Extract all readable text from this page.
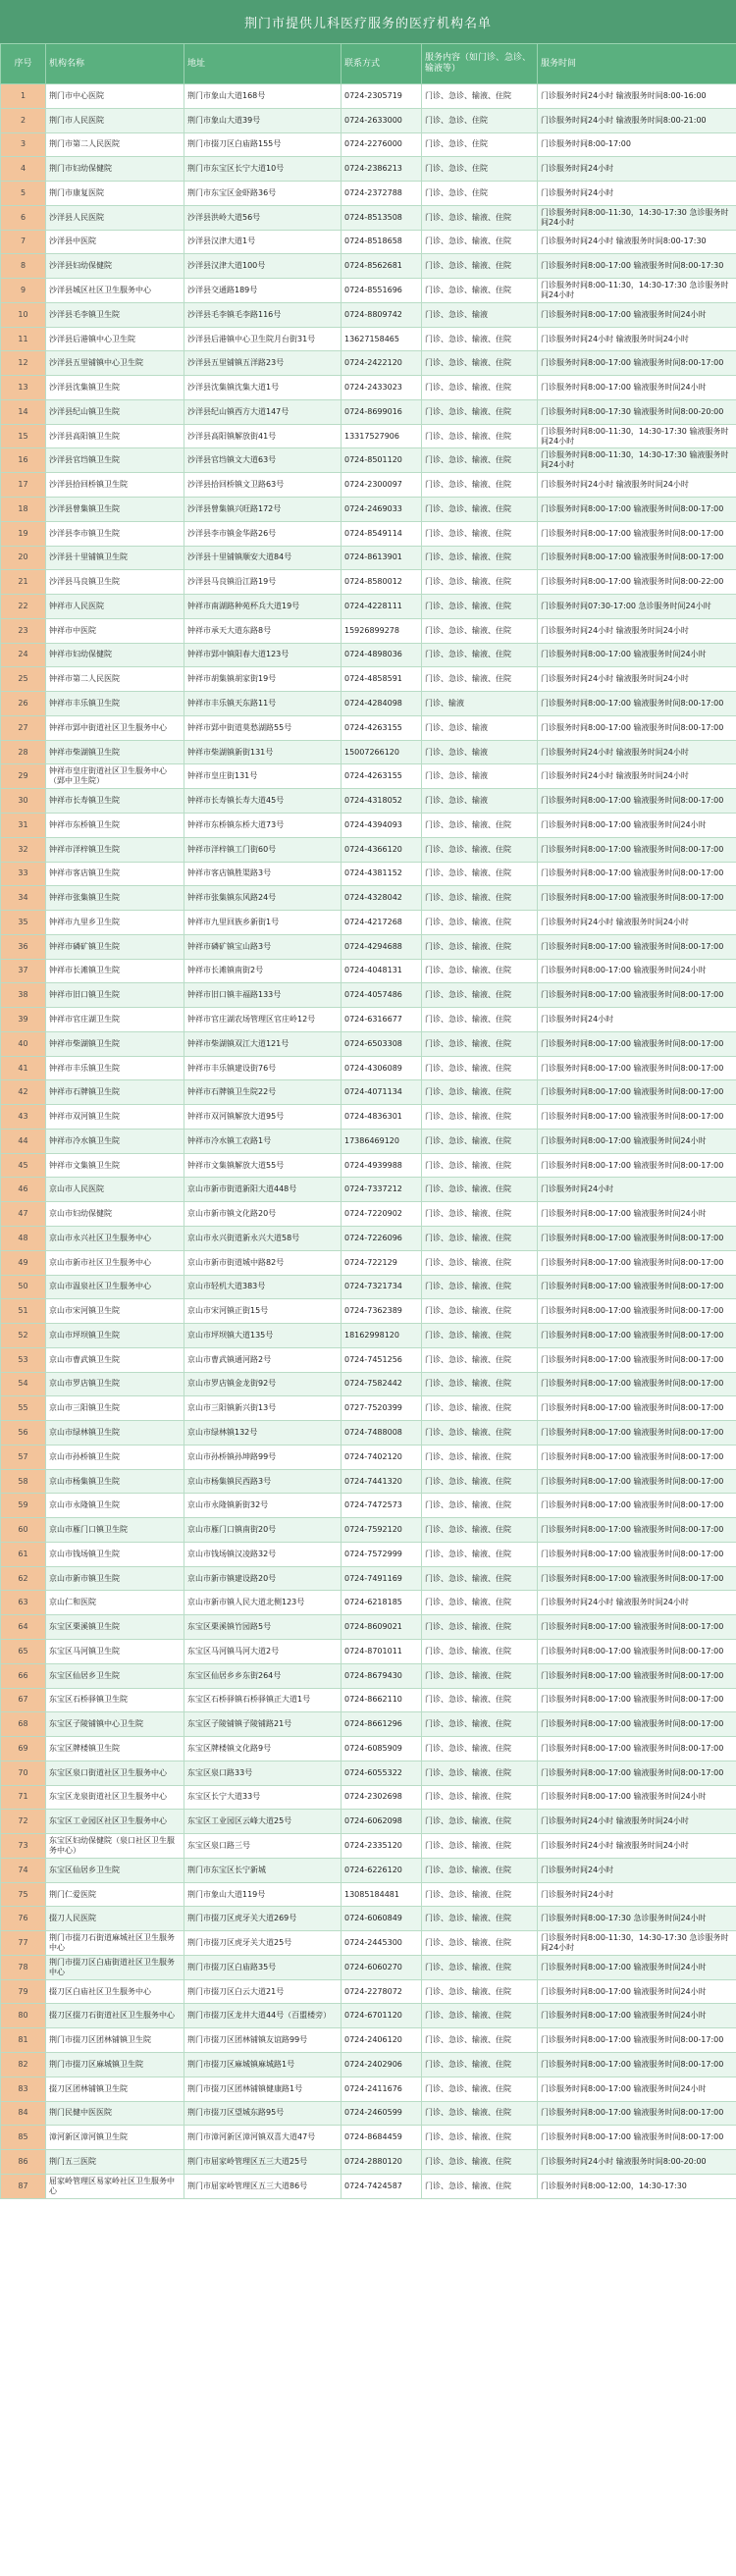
荆门市提供儿科医疗服务的医疗机构名单
序号	机构名称	地址	联系方式	服务内容（如门诊、急诊、输液等）	服务时间
1	荆门市中心医院	荆门市象山大道168号	0724-2305719	门诊、急诊、输液、住院	门诊服务时间24小时 输液服务时间8:00-16:00
2	荆门市人民医院	荆门市象山大道39号	0724-2633000	门诊、急诊、住院	门诊服务时间24小时 输液服务时间8:00-21:00
3	荆门市第二人民医院	荆门市掇刀区白庙路155号	0724-2276000	门诊、急诊、住院	门诊服务时间8:00-17:00
4	荆门市妇幼保健院	荆门市东宝区长宁大道10号	0724-2386213	门诊、急诊、住院	门诊服务时间24小时
5	荆门市康复医院	荆门市东宝区金虾路36号	0724-2372788	门诊、急诊、住院	门诊服务时间24小时
6	沙洋县人民医院	沙洋县洪岭大道56号	0724-8513508	门诊、急诊、输液、住院	门诊服务时间8:00-11:30，14:30-17:30 急诊服务时间24小时
7	沙洋县中医院	沙洋县汉津大道1号	0724-8518658	门诊、急诊、输液、住院	门诊服务时间24小时 输液服务时间8:00-17:30
8	沙洋县妇幼保健院	沙洋县汉津大道100号	0724-8562681	门诊、急诊、输液、住院	门诊服务时间8:00-17:00 输液服务时间8:00-17:30
9	沙洋县城区社区卫生服务中心	沙洋县交通路189号	0724-8551696	门诊、急诊、输液、住院	门诊服务时间8:00-11:30，14:30-17:30 急诊服务时间24小时
10	沙洋县毛李镇卫生院	沙洋县毛李镇毛李路116号	0724-8809742	门诊、急诊、输液	门诊服务时间8:00-17:00 输液服务时间24小时
11	沙洋县后港镇中心卫生院	沙洋县后港镇中心卫生院月台街31号	13627158465	门诊、急诊、输液、住院	门诊服务时间24小时 输液服务时间24小时
12	沙洋县五里铺镇中心卫生院	沙洋县五里铺镇五洋路23号	0724-2422120	门诊、急诊、输液、住院	门诊服务时间8:00-17:00 输液服务时间8:00-17:00
13	沙洋县沈集镇卫生院	沙洋县沈集镇沈集大道1号	0724-2433023	门诊、急诊、输液、住院	门诊服务时间8:00-17:00 输液服务时间24小时
14	沙洋县纪山镇卫生院	沙洋县纪山镇西方大道147号	0724-8699016	门诊、急诊、输液、住院	门诊服务时间8:00-17:30 输液服务时间8:00-20:00
15	沙洋县高阳镇卫生院	沙洋县高阳镇解放街41号	13317527906	门诊、急诊、输液、住院	门诊服务时间8:00-11:30，14:30-17:30 输液服务时间24小时
16	沙洋县官垱镇卫生院	沙洋县官垱镇文大道63号	0724-8501120	门诊、急诊、输液、住院	门诊服务时间8:00-11:30，14:30-17:30 输液服务时间24小时
17	沙洋县拾回桥镇卫生院	沙洋县拾回桥镇文卫路63号	0724-2300097	门诊、急诊、输液、住院	门诊服务时间24小时 输液服务时间24小时
18	沙洋县曾集镇卫生院	沙洋县曾集镇兴旺路172号	0724-2469033	门诊、急诊、输液、住院	门诊服务时间8:00-17:00 输液服务时间8:00-17:00
19	沙洋县李市镇卫生院	沙洋县李市镇金华路26号	0724-8549114	门诊、急诊、输液、住院	门诊服务时间8:00-17:00 输液服务时间8:00-17:00
20	沙洋县十里铺镇卫生院	沙洋县十里铺镇顺安大道84号	0724-8613901	门诊、急诊、输液、住院	门诊服务时间8:00-17:00 输液服务时间8:00-17:00
21	沙洋县马良镇卫生院	沙洋县马良镇沿江路19号	0724-8580012	门诊、急诊、输液、住院	门诊服务时间8:00-17:00 输液服务时间8:00-22:00
22	钟祥市人民医院	钟祥市南湖路种苑杯兵大道19号	0724-4228111	门诊、急诊、输液、住院	门诊服务时间07:30-17:00 急诊服务时间24小时
23	钟祥市中医院	钟祥市承天大道东路8号	15926899278	门诊、急诊、输液、住院	门诊服务时间24小时 输液服务时间24小时
24	钟祥市妇幼保健院	钟祥市郢中镇阳春大道123号	0724-4898036	门诊、急诊、输液、住院	门诊服务时间8:00-17:00 输液服务时间24小时
25	钟祥市第二人民医院	钟祥市胡集镇胡家街19号	0724-4858591	门诊、急诊、输液、住院	门诊服务时间24小时 输液服务时间24小时
26	钟祥市丰乐镇卫生院	钟祥市丰乐镇天东路11号	0724-4284098	门诊、输液	门诊服务时间8:00-17:00 输液服务时间8:00-17:00
27	钟祥市郢中街道社区卫生服务中心	钟祥市郢中街道莫愁湖路55号	0724-4263155	门诊、急诊、输液	门诊服务时间8:00-17:00 输液服务时间8:00-17:00
28	钟祥市柴湖镇卫生院	钟祥市柴湖镇新街131号	15007266120	门诊、急诊、输液	门诊服务时间24小时 输液服务时间24小时
29	钟祥市皇庄街道社区卫生服务中心（郢中卫生院）	钟祥市皇庄街131号	0724-4263155	门诊、急诊、输液	门诊服务时间24小时 输液服务时间24小时
30	钟祥市长寿镇卫生院	钟祥市长寿镇长寿大道45号	0724-4318052	门诊、急诊、输液	门诊服务时间8:00-17:00 输液服务时间8:00-17:00
31	钟祥市东桥镇卫生院	钟祥市东桥镇东桥大道73号	0724-4394093	门诊、急诊、输液、住院	门诊服务时间8:00-17:00 输液服务时间24小时
32	钟祥市洋梓镇卫生院	钟祥市洋梓镇工门街60号	0724-4366120	门诊、急诊、输液、住院	门诊服务时间8:00-17:00 输液服务时间8:00-17:00
33	钟祥市客店镇卫生院	钟祥市客店镇胜渠路3号	0724-4381152	门诊、急诊、输液、住院	门诊服务时间8:00-17:00 输液服务时间8:00-17:00
34	钟祥市张集镇卫生院	钟祥市张集镇东风路24号	0724-4328042	门诊、急诊、输液、住院	门诊服务时间8:00-17:00 输液服务时间8:00-17:00
35	钟祥市九里乡卫生院	钟祥市九里回族乡新街1号	0724-4217268	门诊、急诊、输液、住院	门诊服务时间24小时 输液服务时间24小时
36	钟祥市磷矿镇卫生院	钟祥市磷矿镇宝山路3号	0724-4294688	门诊、急诊、输液、住院	门诊服务时间8:00-17:00 输液服务时间8:00-17:00
37	钟祥市长滩镇卫生院	钟祥市长滩镇南街2号	0724-4048131	门诊、急诊、输液、住院	门诊服务时间8:00-17:00 输液服务时间24小时
38	钟祥市旧口镇卫生院	钟祥市旧口镇丰福路133号	0724-4057486	门诊、急诊、输液、住院	门诊服务时间8:00-17:00 输液服务时间8:00-17:00
39	钟祥市官庄湖卫生院	钟祥市官庄湖农场管理区官庄岭12号	0724-6316677	门诊、急诊、输液、住院	门诊服务时间24小时
40	钟祥市柴湖镇卫生院	钟祥市柴湖镇双江大道121号	0724-6503308	门诊、急诊、输液、住院	门诊服务时间8:00-17:00 输液服务时间8:00-17:00
41	钟祥市丰乐镇卫生院	钟祥市丰乐镇建设街76号	0724-4306089	门诊、急诊、输液、住院	门诊服务时间8:00-17:00 输液服务时间8:00-17:00
42	钟祥市石牌镇卫生院	钟祥市石牌镇卫生院22号	0724-4071134	门诊、急诊、输液、住院	门诊服务时间8:00-17:00 输液服务时间8:00-17:00
43	钟祥市双河镇卫生院	钟祥市双河镇解放大道95号	0724-4836301	门诊、急诊、输液、住院	门诊服务时间8:00-17:00 输液服务时间8:00-17:00
44	钟祥市冷水镇卫生院	钟祥市冷水镇工农路1号	17386469120	门诊、急诊、输液、住院	门诊服务时间8:00-17:00 输液服务时间24小时
45	钟祥市文集镇卫生院	钟祥市文集镇解放大道55号	0724-4939988	门诊、急诊、输液、住院	门诊服务时间8:00-17:00 输液服务时间8:00-17:00
46	京山市人民医院	京山市新市街道新阳大道448号	0724-7337212	门诊、急诊、输液、住院	门诊服务时间24小时
47	京山市妇幼保健院	京山市新市镇文化路20号	0724-7220902	门诊、急诊、输液、住院	门诊服务时间8:00-17:00 输液服务时间24小时
48	京山市永兴社区卫生服务中心	京山市永兴街道新永兴大道58号	0724-7226096	门诊、急诊、输液、住院	门诊服务时间8:00-17:00 输液服务时间8:00-17:00
49	京山市新市社区卫生服务中心	京山市新市街道城中路82号	0724-722129	门诊、急诊、输液、住院	门诊服务时间8:00-17:00 输液服务时间8:00-17:00
50	京山市温泉社区卫生服务中心	京山市轻机大道383号	0724-7321734	门诊、急诊、输液、住院	门诊服务时间8:00-17:00 输液服务时间8:00-17:00
51	京山市宋河镇卫生院	京山市宋河镇正街15号	0724-7362389	门诊、急诊、输液、住院	门诊服务时间8:00-17:00 输液服务时间8:00-17:00
52	京山市坪坝镇卫生院	京山市坪坝镇大道135号	18162998120	门诊、急诊、输液、住院	门诊服务时间8:00-17:00 输液服务时间8:00-17:00
53	京山市曹武镇卫生院	京山市曹武镇通河路2号	0724-7451256	门诊、急诊、输液、住院	门诊服务时间8:00-17:00 输液服务时间8:00-17:00
54	京山市罗店镇卫生院	京山市罗店镇金龙街92号	0724-7582442	门诊、急诊、输液、住院	门诊服务时间8:00-17:00 输液服务时间8:00-17:00
55	京山市三阳镇卫生院	京山市三阳镇新兴街13号	0727-7520399	门诊、急诊、输液、住院	门诊服务时间8:00-17:00 输液服务时间8:00-17:00
56	京山市绿林镇卫生院	京山市绿林镇132号	0724-7488008	门诊、急诊、输液、住院	门诊服务时间8:00-17:00 输液服务时间8:00-17:00
57	京山市孙桥镇卫生院	京山市孙桥镇孙坤路99号	0724-7402120	门诊、急诊、输液、住院	门诊服务时间8:00-17:00 输液服务时间8:00-17:00
58	京山市杨集镇卫生院	京山市杨集镇民西路3号	0724-7441320	门诊、急诊、输液、住院	门诊服务时间8:00-17:00 输液服务时间8:00-17:00
59	京山市永隆镇卫生院	京山市永隆镇新街32号	0724-7472573	门诊、急诊、输液、住院	门诊服务时间8:00-17:00 输液服务时间8:00-17:00
60	京山市雁门口镇卫生院	京山市雁门口镇南街20号	0724-7592120	门诊、急诊、输液、住院	门诊服务时间8:00-17:00 输液服务时间8:00-17:00
61	京山市钱场镇卫生院	京山市钱场镇汉凌路32号	0724-7572999	门诊、急诊、输液、住院	门诊服务时间8:00-17:00 输液服务时间8:00-17:00
62	京山市新市镇卫生院	京山市新市镇建设路20号	0724-7491169	门诊、急诊、输液、住院	门诊服务时间8:00-17:00 输液服务时间8:00-17:00
63	京山仁和医院	京山市新市镇人民大道北侧123号	0724-6218185	门诊、急诊、输液、住院	门诊服务时间24小时 输液服务时间24小时
64	东宝区栗溪镇卫生院	东宝区栗溪镇竹园路5号	0724-8609021	门诊、急诊、输液、住院	门诊服务时间8:00-17:00 输液服务时间8:00-17:00
65	东宝区马河镇卫生院	东宝区马河镇马河大道2号	0724-8701011	门诊、急诊、输液、住院	门诊服务时间8:00-17:00 输液服务时间8:00-17:00
66	东宝区仙居乡卫生院	东宝区仙居乡乡东街264号	0724-8679430	门诊、急诊、输液、住院	门诊服务时间8:00-17:00 输液服务时间8:00-17:00
67	东宝区石桥驿镇卫生院	东宝区石桥驿镇石桥驿镇正大道1号	0724-8662110	门诊、急诊、输液、住院	门诊服务时间8:00-17:00 输液服务时间8:00-17:00
68	东宝区子陵铺镇中心卫生院	东宝区子陵铺镇子陵铺路21号	0724-8661296	门诊、急诊、输液、住院	门诊服务时间8:00-17:00 输液服务时间8:00-17:00
69	东宝区牌楼镇卫生院	东宝区牌楼镇文化路9号	0724-6085909	门诊、急诊、输液、住院	门诊服务时间8:00-17:00 输液服务时间8:00-17:00
70	东宝区泉口街道社区卫生服务中心	东宝区泉口路33号	0724-6055322	门诊、急诊、输液、住院	门诊服务时间8:00-17:00 输液服务时间8:00-17:00
71	东宝区龙泉街道社区卫生服务中心	东宝区长宁大道33号	0724-2302698	门诊、急诊、输液、住院	门诊服务时间8:00-17:00 输液服务时间24小时
72	东宝区工业园区社区卫生服务中心	东宝区工业园区云峰大道25号	0724-6062098	门诊、急诊、输液、住院	门诊服务时间24小时 输液服务时间24小时
73	东宝区妇幼保健院（泉口社区卫生服务中心）	东宝区泉口路三号	0724-2335120	门诊、急诊、输液、住院	门诊服务时间24小时 输液服务时间24小时
74	东宝区仙居乡卫生院	荆门市东宝区长宁新城	0724-6226120	门诊、急诊、输液、住院	门诊服务时间24小时
75	荆门仁爱医院	荆门市象山大道119号	13085184481	门诊、急诊、输液、住院	门诊服务时间24小时
76	掇刀人民医院	荆门市掇刀区虎牙关大道269号	0724-6060849	门诊、急诊、输液、住院	门诊服务时间8:00-17:30 急诊服务时间24小时
77	荆门市掇刀石街道麻城社区卫生服务中心	荆门市掇刀区虎牙关大道25号	0724-2445300	门诊、急诊、输液、住院	门诊服务时间8:00-11:30，14:30-17:30 急诊服务时间24小时
78	荆门市掇刀区白庙街道社区卫生服务中心	荆门市掇刀区白庙路35号	0724-6060270	门诊、急诊、输液、住院	门诊服务时间8:00-17:00 输液服务时间24小时
79	掇刀区白庙社区卫生服务中心	荆门市掇刀区白云大道21号	0724-2278072	门诊、急诊、输液、住院	门诊服务时间8:00-17:00 输液服务时间24小时
80	掇刀区掇刀石街道社区卫生服务中心	荆门市掇刀区龙井大道44号（百盟楼旁）	0724-6701120	门诊、急诊、输液、住院	门诊服务时间8:00-17:00 输液服务时间24小时
81	荆门市掇刀区团林铺镇卫生院	荆门市掇刀区团林铺镇友谊路99号	0724-2406120	门诊、急诊、输液、住院	门诊服务时间8:00-17:00 输液服务时间8:00-17:00
82	荆门市掇刀区麻城镇卫生院	荆门市掇刀区麻城镇麻城路1号	0724-2402906	门诊、急诊、输液、住院	门诊服务时间8:00-17:00 输液服务时间8:00-17:00
83	掇刀区团林铺镇卫生院	荆门市掇刀区团林铺镇健康路1号	0724-2411676	门诊、急诊、输液、住院	门诊服务时间8:00-17:00 输液服务时间24小时
84	荆门民健中医医院	荆门市掇刀区望城东路95号	0724-2460599	门诊、急诊、输液、住院	门诊服务时间8:00-17:00 输液服务时间8:00-17:00
85	漳河新区漳河镇卫生院	荆门市漳河新区漳河镇双喜大道47号	0724-8684459	门诊、急诊、输液、住院	门诊服务时间8:00-17:00 输液服务时间8:00-17:00
86	荆门五三医院	荆门市屈家岭管理区五三大道25号	0724-2880120	门诊、急诊、输液、住院	门诊服务时间24小时 输液服务时间8:00-20:00
87	屈家岭管理区易家岭社区卫生服务中心	荆门市屈家岭管理区五三大道86号	0724-7424587	门诊、急诊、输液、住院	门诊服务时间8:00-12:00，14:30-17:30
